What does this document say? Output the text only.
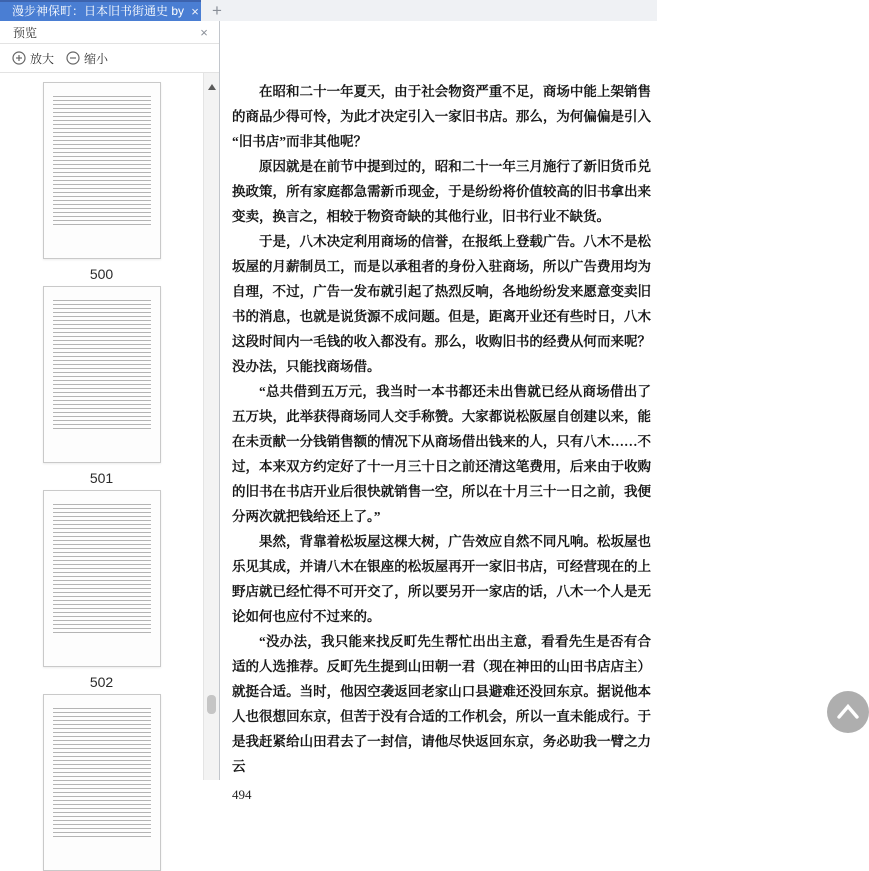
漫步神保町：日本旧书街通史 by × +
预览	×
放大	缩小
500
501
502

在昭和二十一年夏天，由于社会物资严重不足，商场中能上架销售的商品少得可怜，为此才决定引入一家旧书店。那么，为何偏偏是引入“旧书店”而非其他呢？

原因就是在前节中提到过的，昭和二十一年三月施行了新旧货币兑换政策，所有家庭都急需新币现金，于是纷纷将价值较高的旧书拿出来变卖，换言之，相较于物资奇缺的其他行业，旧书行业不缺货。

于是，八木决定利用商场的信誉，在报纸上登载广告。八木不是松坂屋的月薪制员工，而是以承租者的身份入驻商场，所以广告费用均为自理，不过，广告一发布就引起了热烈反响，各地纷纷发来愿意变卖旧书的消息，也就是说货源不成问题。但是，距离开业还有些时日，八木这段时间内一毛钱的收入都没有。那么，收购旧书的经费从何而来呢？没办法，只能找商场借。

“总共借到五万元，我当时一本书都还未出售就已经从商场借出了五万块，此举获得商场同人交手称赞。大家都说松阪屋自创建以来，能在未贡献一分钱销售额的情况下从商场借出钱来的人，只有八木……不过，本来双方约定好了十一月三十日之前还清这笔费用，后来由于收购的旧书在书店开业后很快就销售一空，所以在十月三十一日之前，我便分两次就把钱给还上了。”

果然，背靠着松坂屋这棵大树，广告效应自然不同凡响。松坂屋也乐见其成，并请八木在银座的松坂屋再开一家旧书店，可经营现在的上野店就已经忙得不可开交了，所以要另开一家店的话，八木一个人是无论如何也应付不过来的。

“没办法，我只能来找反町先生帮忙出出主意，看看先生是否有合适的人选推荐。反町先生提到山田朝一君（现在神田的山田书店店主）就挺合适。当时，他因空袭返回老家山口县避难还没回东京。据说他本人也很想回东京，但苦于没有合适的工作机会，所以一直未能成行。于是我赶紧给山田君去了一封信，请他尽快返回东京，务必助我一臂之力云

494
